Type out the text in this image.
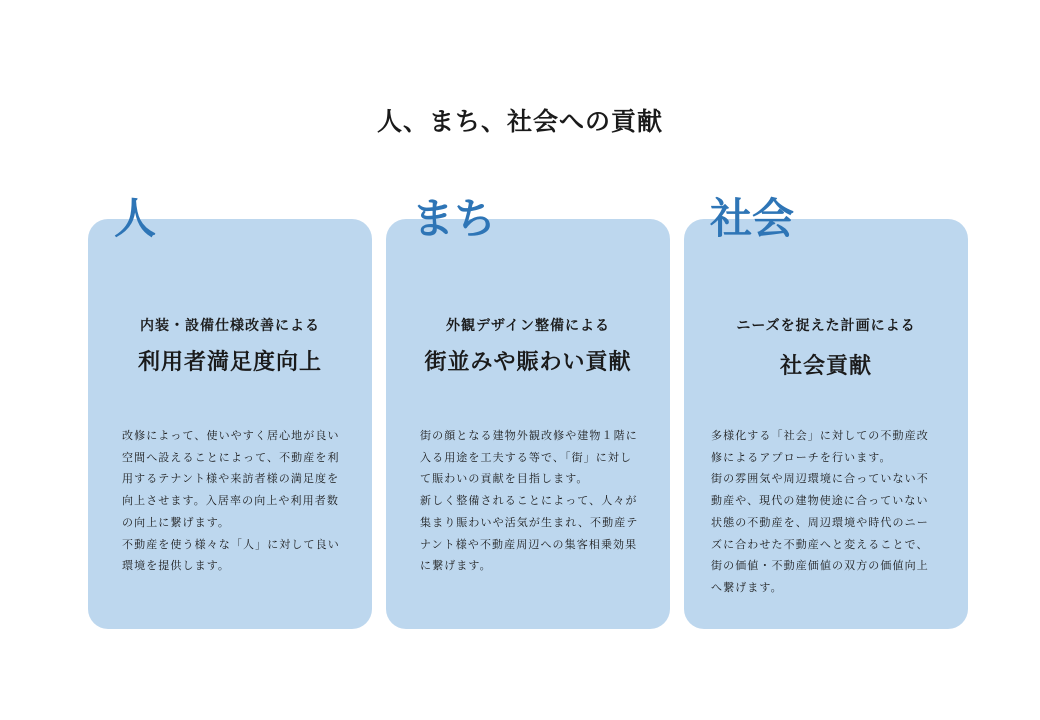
人、まち、社会への貢献
内装・設備仕様改善による
利用者満足度向上
改修によって、使いやすく居心地が良い
空間へ設えることによって、不動産を利
用するテナント様や来訪者様の満足度を
向上させます。入居率の向上や利用者数
の向上に繋げます。
不動産を使う様々な「人」に対して良い
環境を提供します。
人
外観デザイン整備による
街並みや賑わい貢献
街の顔となる建物外観改修や建物１階に
入る用途を工夫する等で、「街」に対し
て賑わいの貢献を目指します。
新しく整備されることによって、人々が
集まり賑わいや活気が生まれ、不動産テ
ナント様や不動産周辺への集客相乗効果
に繋げます。
まち
ニーズを捉えた計画による
社会貢献
多様化する「社会」に対しての不動産改
修によるアプローチを行います。
街の雰囲気や周辺環境に合っていない不
動産や、現代の建物使途に合っていない
状態の不動産を、周辺環境や時代のニー
ズに合わせた不動産へと変えることで、
街の価値・不動産価値の双方の価値向上
へ繋げます。
社会
